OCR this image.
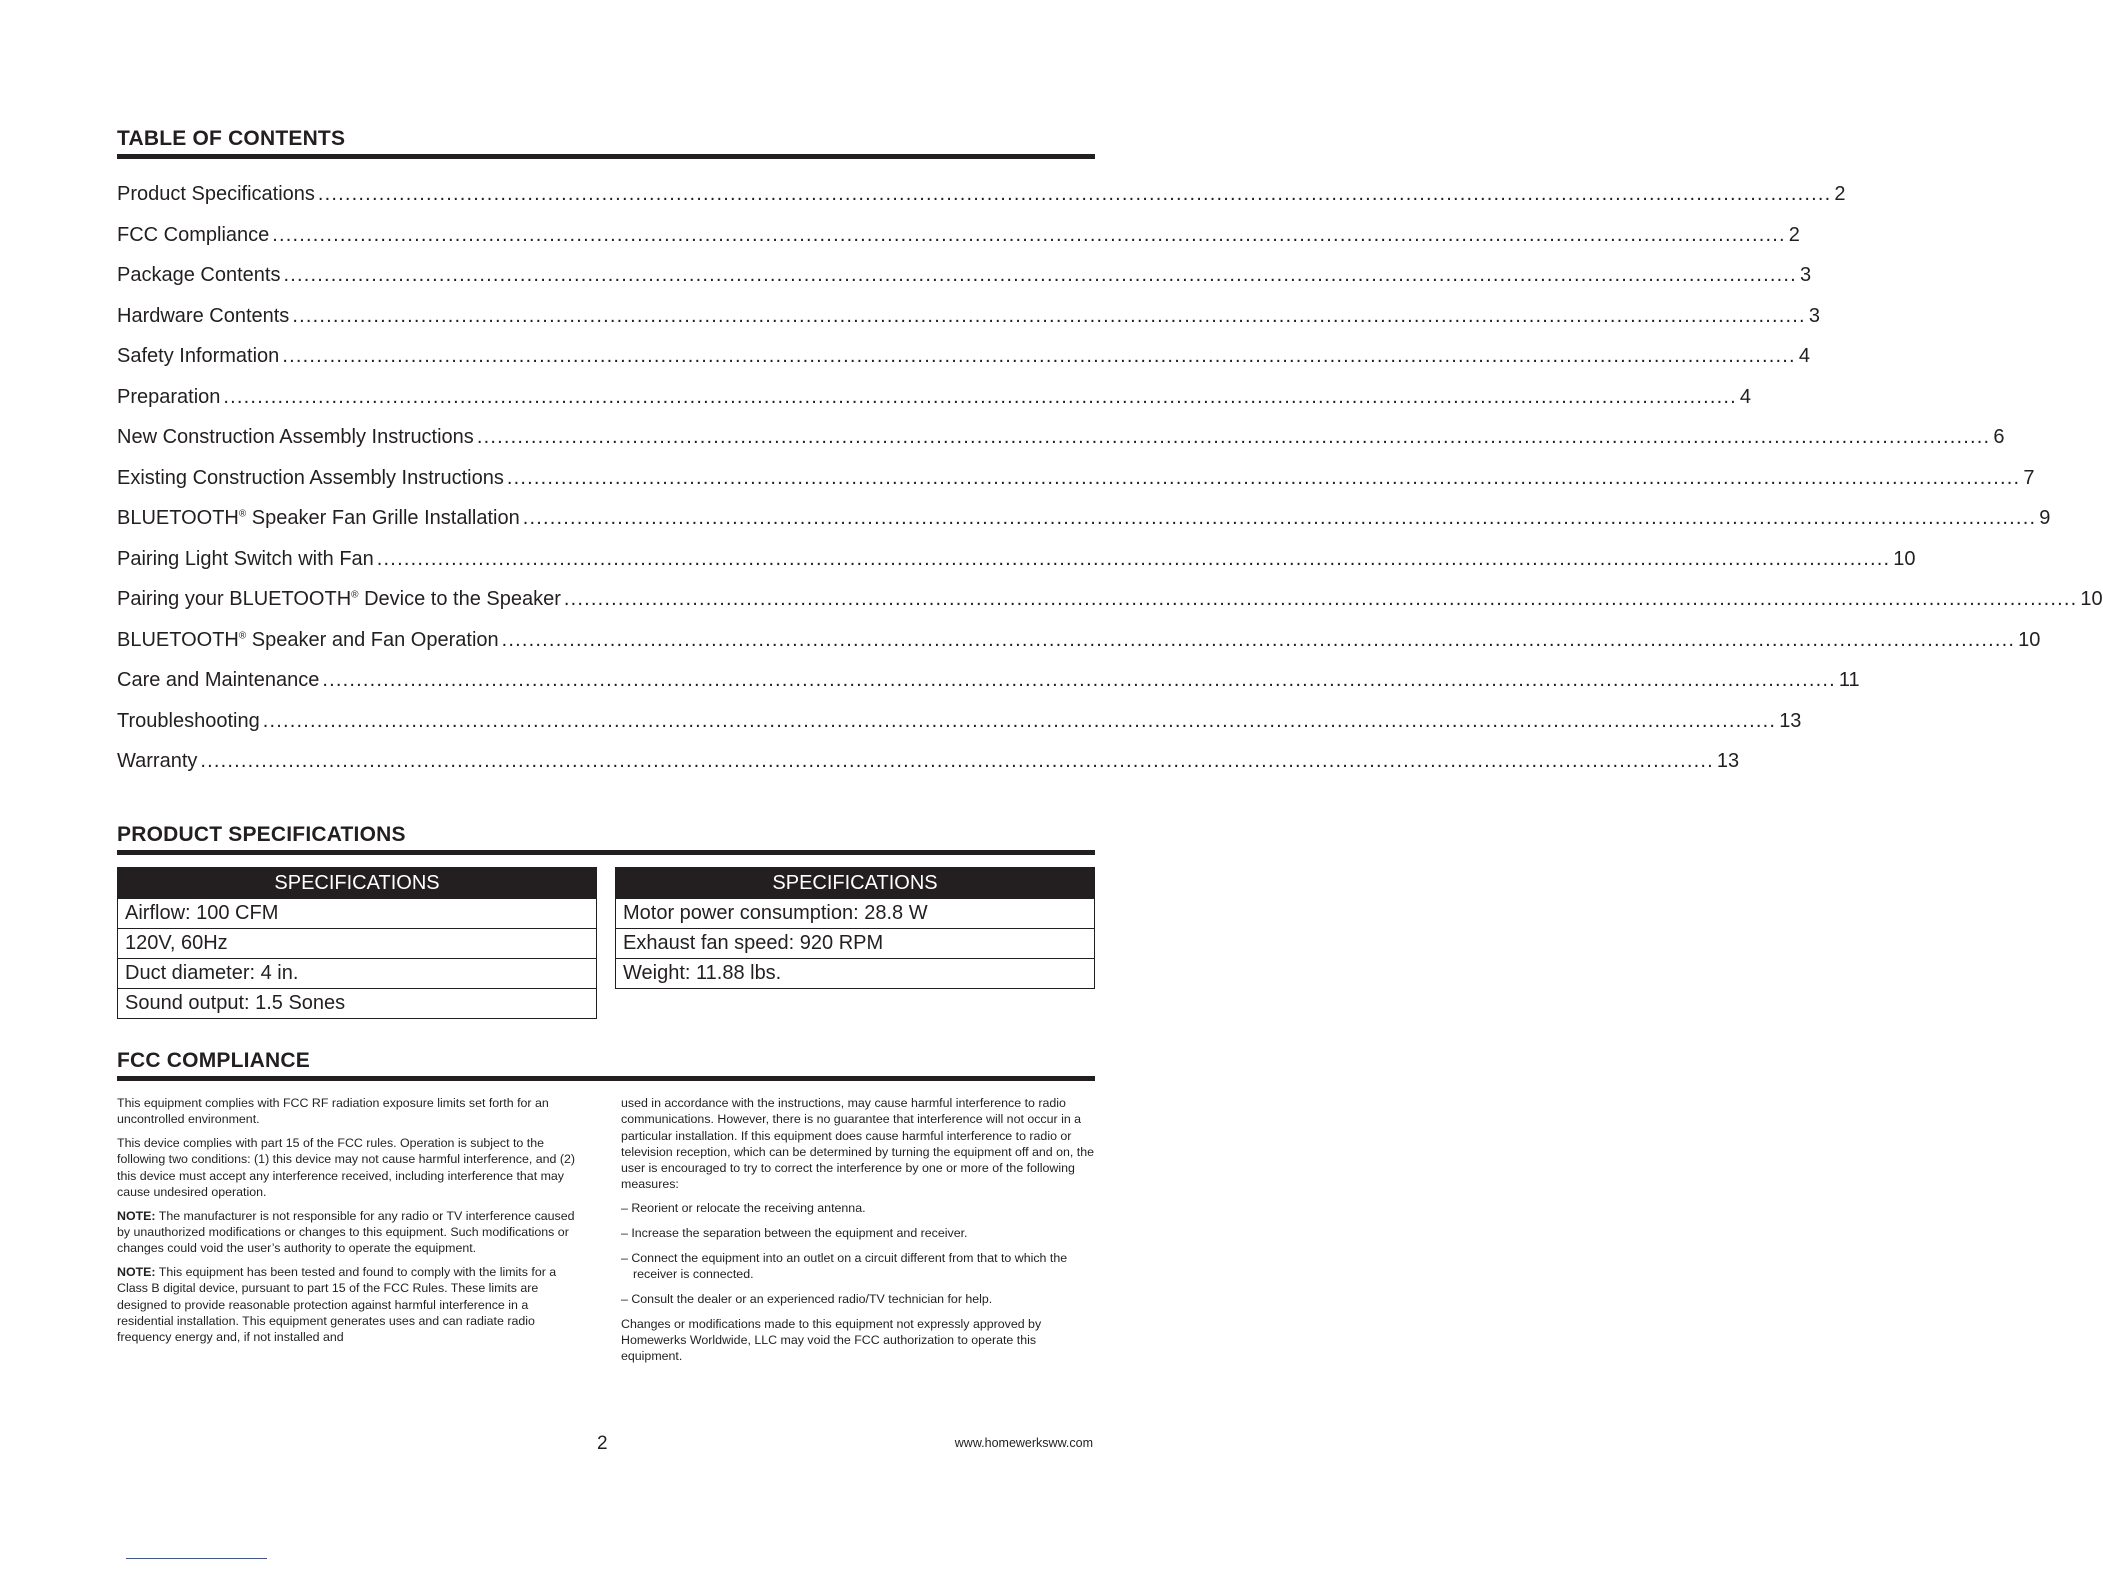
TABLE OF CONTENTS
Product Specifications ................................................................................................................................................................................................................................ 2
FCC Compliance ................................................................................................................................................................................................................................ 2
Package Contents ................................................................................................................................................................................................................................ 3
Hardware Contents ................................................................................................................................................................................................................................ 3
Safety Information ................................................................................................................................................................................................................................ 4
Preparation ................................................................................................................................................................................................................................ 4
New Construction Assembly Instructions ................................................................................................................................................................................................................................ 6
Existing Construction Assembly Instructions ................................................................................................................................................................................................................................ 7
BLUETOOTH® Speaker Fan Grille Installation ................................................................................................................................................................................................................................ 9
Pairing Light Switch with Fan ................................................................................................................................................................................................................................ 10
Pairing your BLUETOOTH® Device to the Speaker ................................................................................................................................................................................................................................ 10
BLUETOOTH® Speaker and Fan Operation ................................................................................................................................................................................................................................ 10
Care and Maintenance ................................................................................................................................................................................................................................ 11
Troubleshooting ................................................................................................................................................................................................................................ 13
Warranty ................................................................................................................................................................................................................................ 13
PRODUCT SPECIFICATIONS
SPECIFICATIONS
Airflow: 100 CFM
120V, 60Hz
Duct diameter: 4 in.
Sound output: 1.5 Sones
SPECIFICATIONS
Motor power consumption: 28.8 W
Exhaust fan speed: 920 RPM
Weight: 11.88 lbs.
FCC COMPLIANCE

This equipment complies with FCC RF radiation exposure limits set forth for an uncontrolled environment.

This device complies with part 15 of the FCC rules. Operation is subject to the following two conditions: (1) this device may not cause harmful interference, and (2) this device must accept any interference received, including interference that may cause undesired operation.

NOTE: The manufacturer is not responsible for any radio or TV interference caused by unauthorized modifications or changes to this equipment. Such modifications or changes could void the user’s authority to operate the equipment.

NOTE: This equipment has been tested and found to comply with the limits for a Class B digital device, pursuant to part 15 of the FCC Rules. These limits are designed to provide reasonable protection against harmful interference in a residential installation. This equipment generates uses and can radiate radio frequency energy and, if not installed and

used in accordance with the instructions, may cause harmful interference to radio communications. However, there is no guarantee that interference will not occur in a particular installation. If this equipment does cause harmful interference to radio or television reception, which can be determined by turning the equipment off and on, the user is encouraged to try to correct the interference by one or more of the following measures:

– Reorient or relocate the receiving antenna.

– Increase the separation between the equipment and receiver.

– Connect the equipment into an outlet on a circuit different from that to which the receiver is connected.

– Consult the dealer or an experienced radio/TV technician for help.

Changes or modifications made to this equipment not expressly approved by Homewerks Worldwide, LLC may void the FCC authorization to operate this equipment.

2	www.homewerksww.com
